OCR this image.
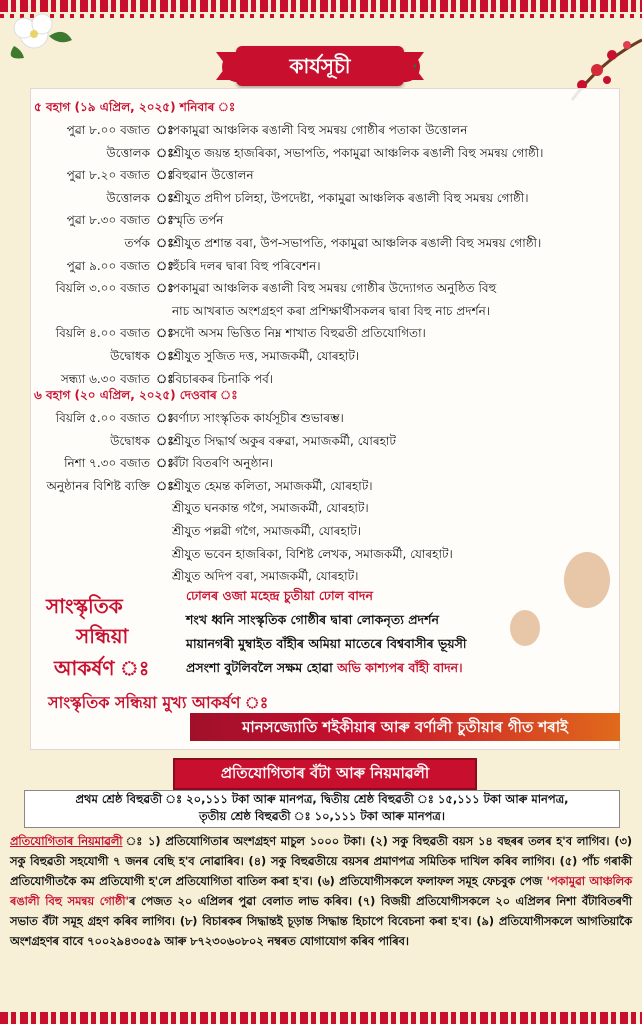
কাৰ্যসূচী
৫ বহাগ (১৯ এপ্ৰিল, ২০২৫) শনিবাৰ ঃ
পুৱা ৮.০০ বজাত ঃ
পকামুৱা আঞ্চলিক ৰঙালী বিহু সমন্বয় গোষ্ঠীৰ পতাকা উত্তোলন
উত্তোলক ঃ
শ্ৰীযুত জয়ন্ত হাজৰিকা, সভাপতি, পকামুৱা আঞ্চলিক ৰঙালী বিহু সমন্বয় গোষ্ঠী।
পুৱা ৮.২০ বজাত ঃ
বিহুৱান উত্তোলন
উত্তোলক ঃ
শ্ৰীযুত প্ৰদীপ চলিহা, উপদেষ্টা, পকামুৱা আঞ্চলিক ৰঙালী বিহু সমন্বয় গোষ্ঠী।
পুৱা ৮.৩০ বজাত ঃ
স্মৃতি তৰ্পন
তৰ্পক ঃ
শ্ৰীযুত প্ৰশান্ত বৰা, উপ-সভাপতি, পকামুৱা আঞ্চলিক ৰঙালী বিহু সমন্বয় গোষ্ঠী।
পুৱা ৯.০০ বজাত ঃ
হুঁচৰি দলৰ দ্বাৰা বিহু পৰিবেশন।
বিয়লি ৩.০০ বজাত ঃ
পকামুৱা আঞ্চলিক ৰঙালী বিহু সমন্বয় গোষ্ঠীৰ উদ্যোগত অনুষ্ঠিত বিহু
নাচ আখৰাত অংশগ্ৰহণ কৰা প্ৰশিক্ষাৰ্থীসকলৰ দ্বাৰা বিহু নাচ প্ৰদৰ্শন।
বিয়লি ৪.০০ বজাত ঃ
সদৌ অসম ভিত্তিত নিম্ন শাখাত বিহুৱতী প্ৰতিযোগিতা।
উদ্বোধক ঃ
শ্ৰীযুত সুজিত দত্ত, সমাজকৰ্মী, যোৰহাট।
সন্ধ্যা ৬.৩০ বজাত ঃ
বিচাৰকৰ চিনাকি পৰ্ব।
৬ বহাগ (২০ এপ্ৰিল, ২০২৫) দেওবাৰ ঃ
বিয়লি ৫.০০ বজাত ঃ
বৰ্ণাঢ্য সাংস্কৃতিক কাৰ্যসূচীৰ শুভাৰম্ভ।
উদ্বোধক ঃ
শ্ৰীযুত সিদ্ধাৰ্থ অকুৰ বৰুৱা, সমাজকৰ্মী, যোৰহাট
নিশা ৭.৩০ বজাত ঃ
বঁটা বিতৰণি অনুষ্ঠান।
অনুষ্ঠানৰ বিশিষ্ট ব্যক্তি ঃ
শ্ৰীযুত হেমন্ত কলিতা, সমাজকৰ্মী, যোৰহাট।
শ্ৰীযুত ঘনকান্ত গগৈ, সমাজকৰ্মী, যোৰহাট।
শ্ৰীযুত পল্লৱী গগৈ, সমাজকৰ্মী, যোৰহাট।
শ্ৰীযুত ভবেন হাজৰিকা, বিশিষ্ট লেখক, সমাজকৰ্মী, যোৰহাট।
শ্ৰীযুত অদিপ বৰা, সমাজকৰ্মী, যোৰহাট।
সাংস্কৃতিক
সন্ধিয়া
আকৰ্ষণ ঃ
ঢোলৰ ওজা মহেন্দ্ৰ চুতীয়া ঢোল বাদন
শংখ ধ্বনি সাংস্কৃতিক গোষ্ঠীৰ দ্বাৰা লোকনৃত্য প্ৰদৰ্শন
মায়ানগৰী মুম্বাইত বাঁহীৰ অমিয়া মাতেৰে বিশ্ববাসীৰ ভূয়সী
প্ৰসংশা বুটলিবলৈ সক্ষম হোৱা অভি কাশ্যপৰ বাঁহী বাদন।
সাংস্কৃতিক সন্ধিয়া মুখ্য আকৰ্ষণ ঃ
মানসজ্যোতি শইকীয়াৰ আৰু বৰ্ণালী চুতীয়াৰ গীত শৰাই
প্ৰতিযোগিতাৰ বঁটা আৰু নিয়মাৱলী
প্ৰথম শ্ৰেষ্ঠ বিহুৱতী ঃ ২০,১১১ টকা আৰু মানপত্ৰ, দ্বিতীয় শ্ৰেষ্ঠ বিহুৱতী ঃ ১৫,১১১ টকা আৰু মানপত্ৰ,
তৃতীয় শ্ৰেষ্ঠ বিহুৱতী ঃ ১০,১১১ টকা আৰু মানপত্ৰ।
প্ৰতিযোগিতাৰ নিয়মাৱলী ঃ ১) প্ৰতিযোগিতাৰ অংশগ্ৰহণ মাচুল ১০০০ টকা। (২) সকু বিহুৱতী বয়স ১৪ বছৰৰ তলৰ হ'ব লাগিব। (৩) সকু বিহুৱতী সহযোগী ৭ জনৰ বেছি হ'ব নোৱাৰিব। (৪) সকু বিহুৱতীয়ে বয়সৰ প্ৰমাণপত্ৰ সমিতিক দাখিল কৰিব লাগিব। (৫) পাঁচ গৰাকী প্ৰতিযোগীতকৈ কম প্ৰতিযোগী হ'লে প্ৰতিযোগিতা বাতিল কৰা হ'ব। (৬) প্ৰতিযোগীসকলে ফলাফল সমূহ ফেচবুক পেজ 'পকামুৱা আঞ্চলিক ৰঙালী বিহু সমন্বয় গোষ্ঠী'ৰ পেজত ২০ এপ্ৰিলৰ পুৱা বেলাত লাভ কৰিব। (৭) বিজয়ী প্ৰতিযোগীসকলে ২০ এপ্ৰিলৰ নিশা বঁটাবিতৰণী সভাত বঁটা সমূহ গ্ৰহণ কৰিব লাগিব। (৮) বিচাৰকৰ সিদ্ধান্তই চূড়ান্ত সিদ্ধান্ত হিচাপে বিবেচনা কৰা হ'ব। (৯) প্ৰতিযোগীসকলে আগতিয়াকৈ অংশগ্ৰহণৰ বাবে ৭০০২৯৪৩০৫৯ আৰু ৮৭২৩০৬০৮০২ নম্বৰত যোগাযোগ কৰিব পাৰিব।
